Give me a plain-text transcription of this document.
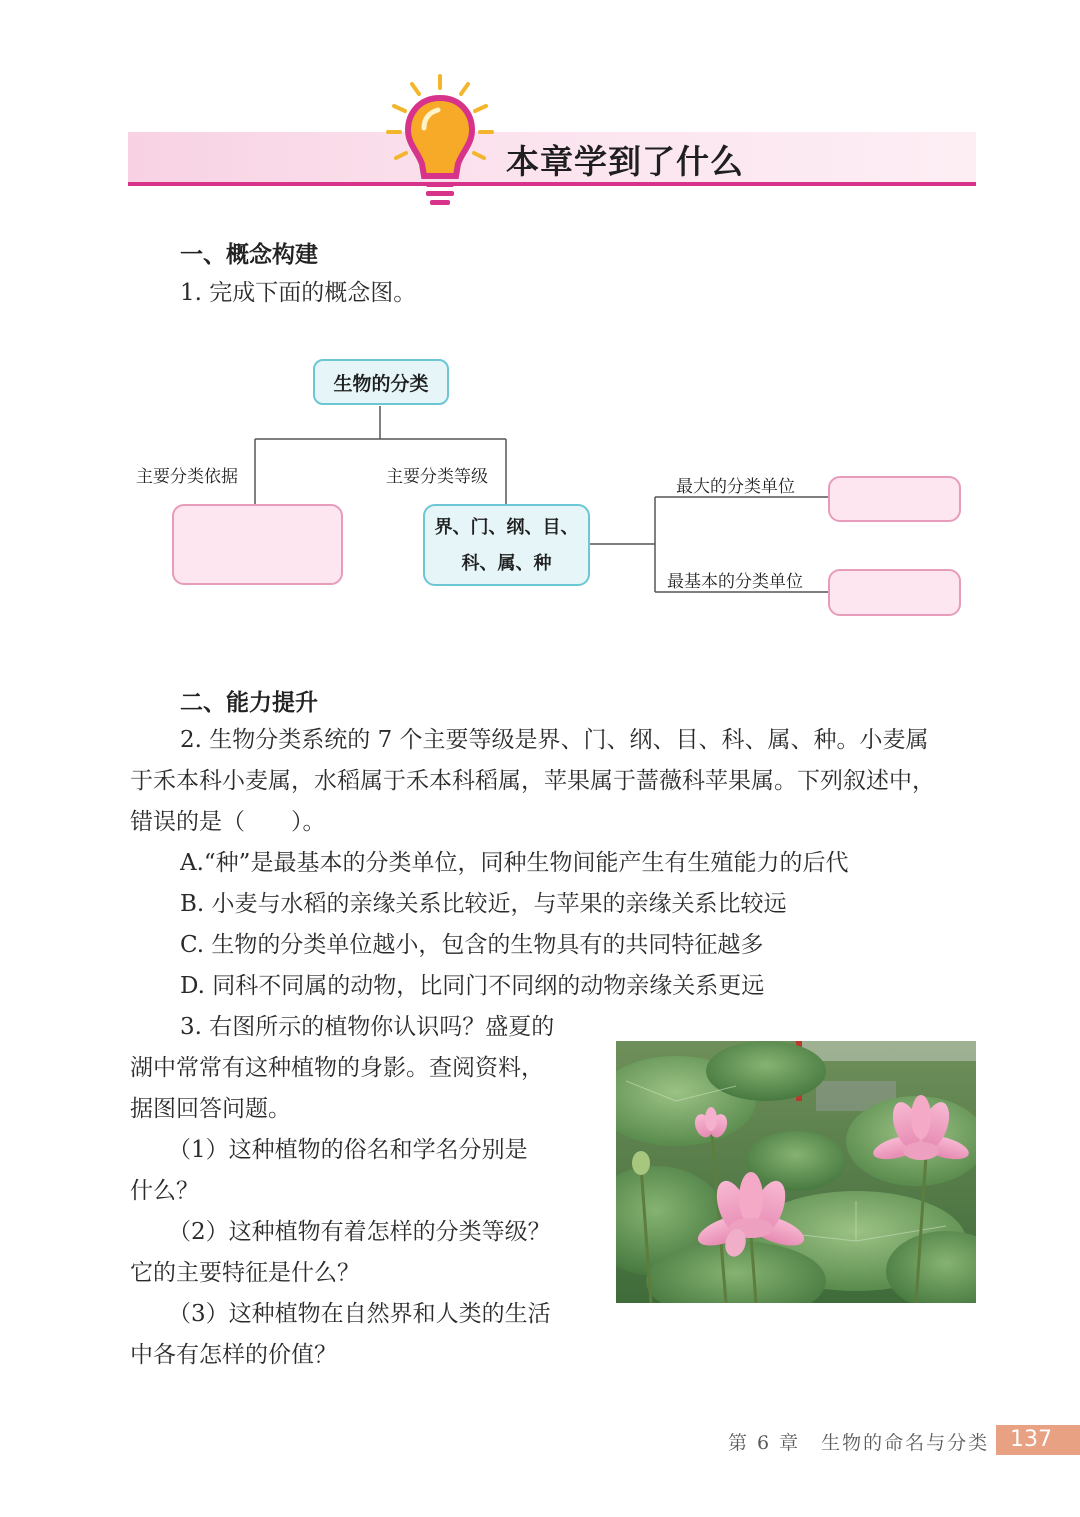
本章学到了什么
一、概念构建
1. 完成下面的概念图。
生物的分类
主要分类依据	主要分类等级
界、门、纲、目、
科、属、种
最大的分类单位
最基本的分类单位
二、能力提升
2. 生物分类系统的 7 个主要等级是界、门、纲、目、科、属、种。小麦属
于禾本科小麦属，水稻属于禾本科稻属，苹果属于蔷薇科苹果属。下列叙述中，
错误的是（　　）。
A.“种”是最基本的分类单位，同种生物间能产生有生殖能力的后代
B. 小麦与水稻的亲缘关系比较近，与苹果的亲缘关系比较远
C. 生物的分类单位越小，包含的生物具有的共同特征越多
D. 同科不同属的动物，比同门不同纲的动物亲缘关系更远
3. 右图所示的植物你认识吗？盛夏的
湖中常常有这种植物的身影。查阅资料，
据图回答问题。
（1）这种植物的俗名和学名分别是
什么？
（2）这种植物有着怎样的分类等级？
它的主要特征是什么？
（3）这种植物在自然界和人类的生活
中各有怎样的价值？
第 6 章　生物的命名与分类 137
